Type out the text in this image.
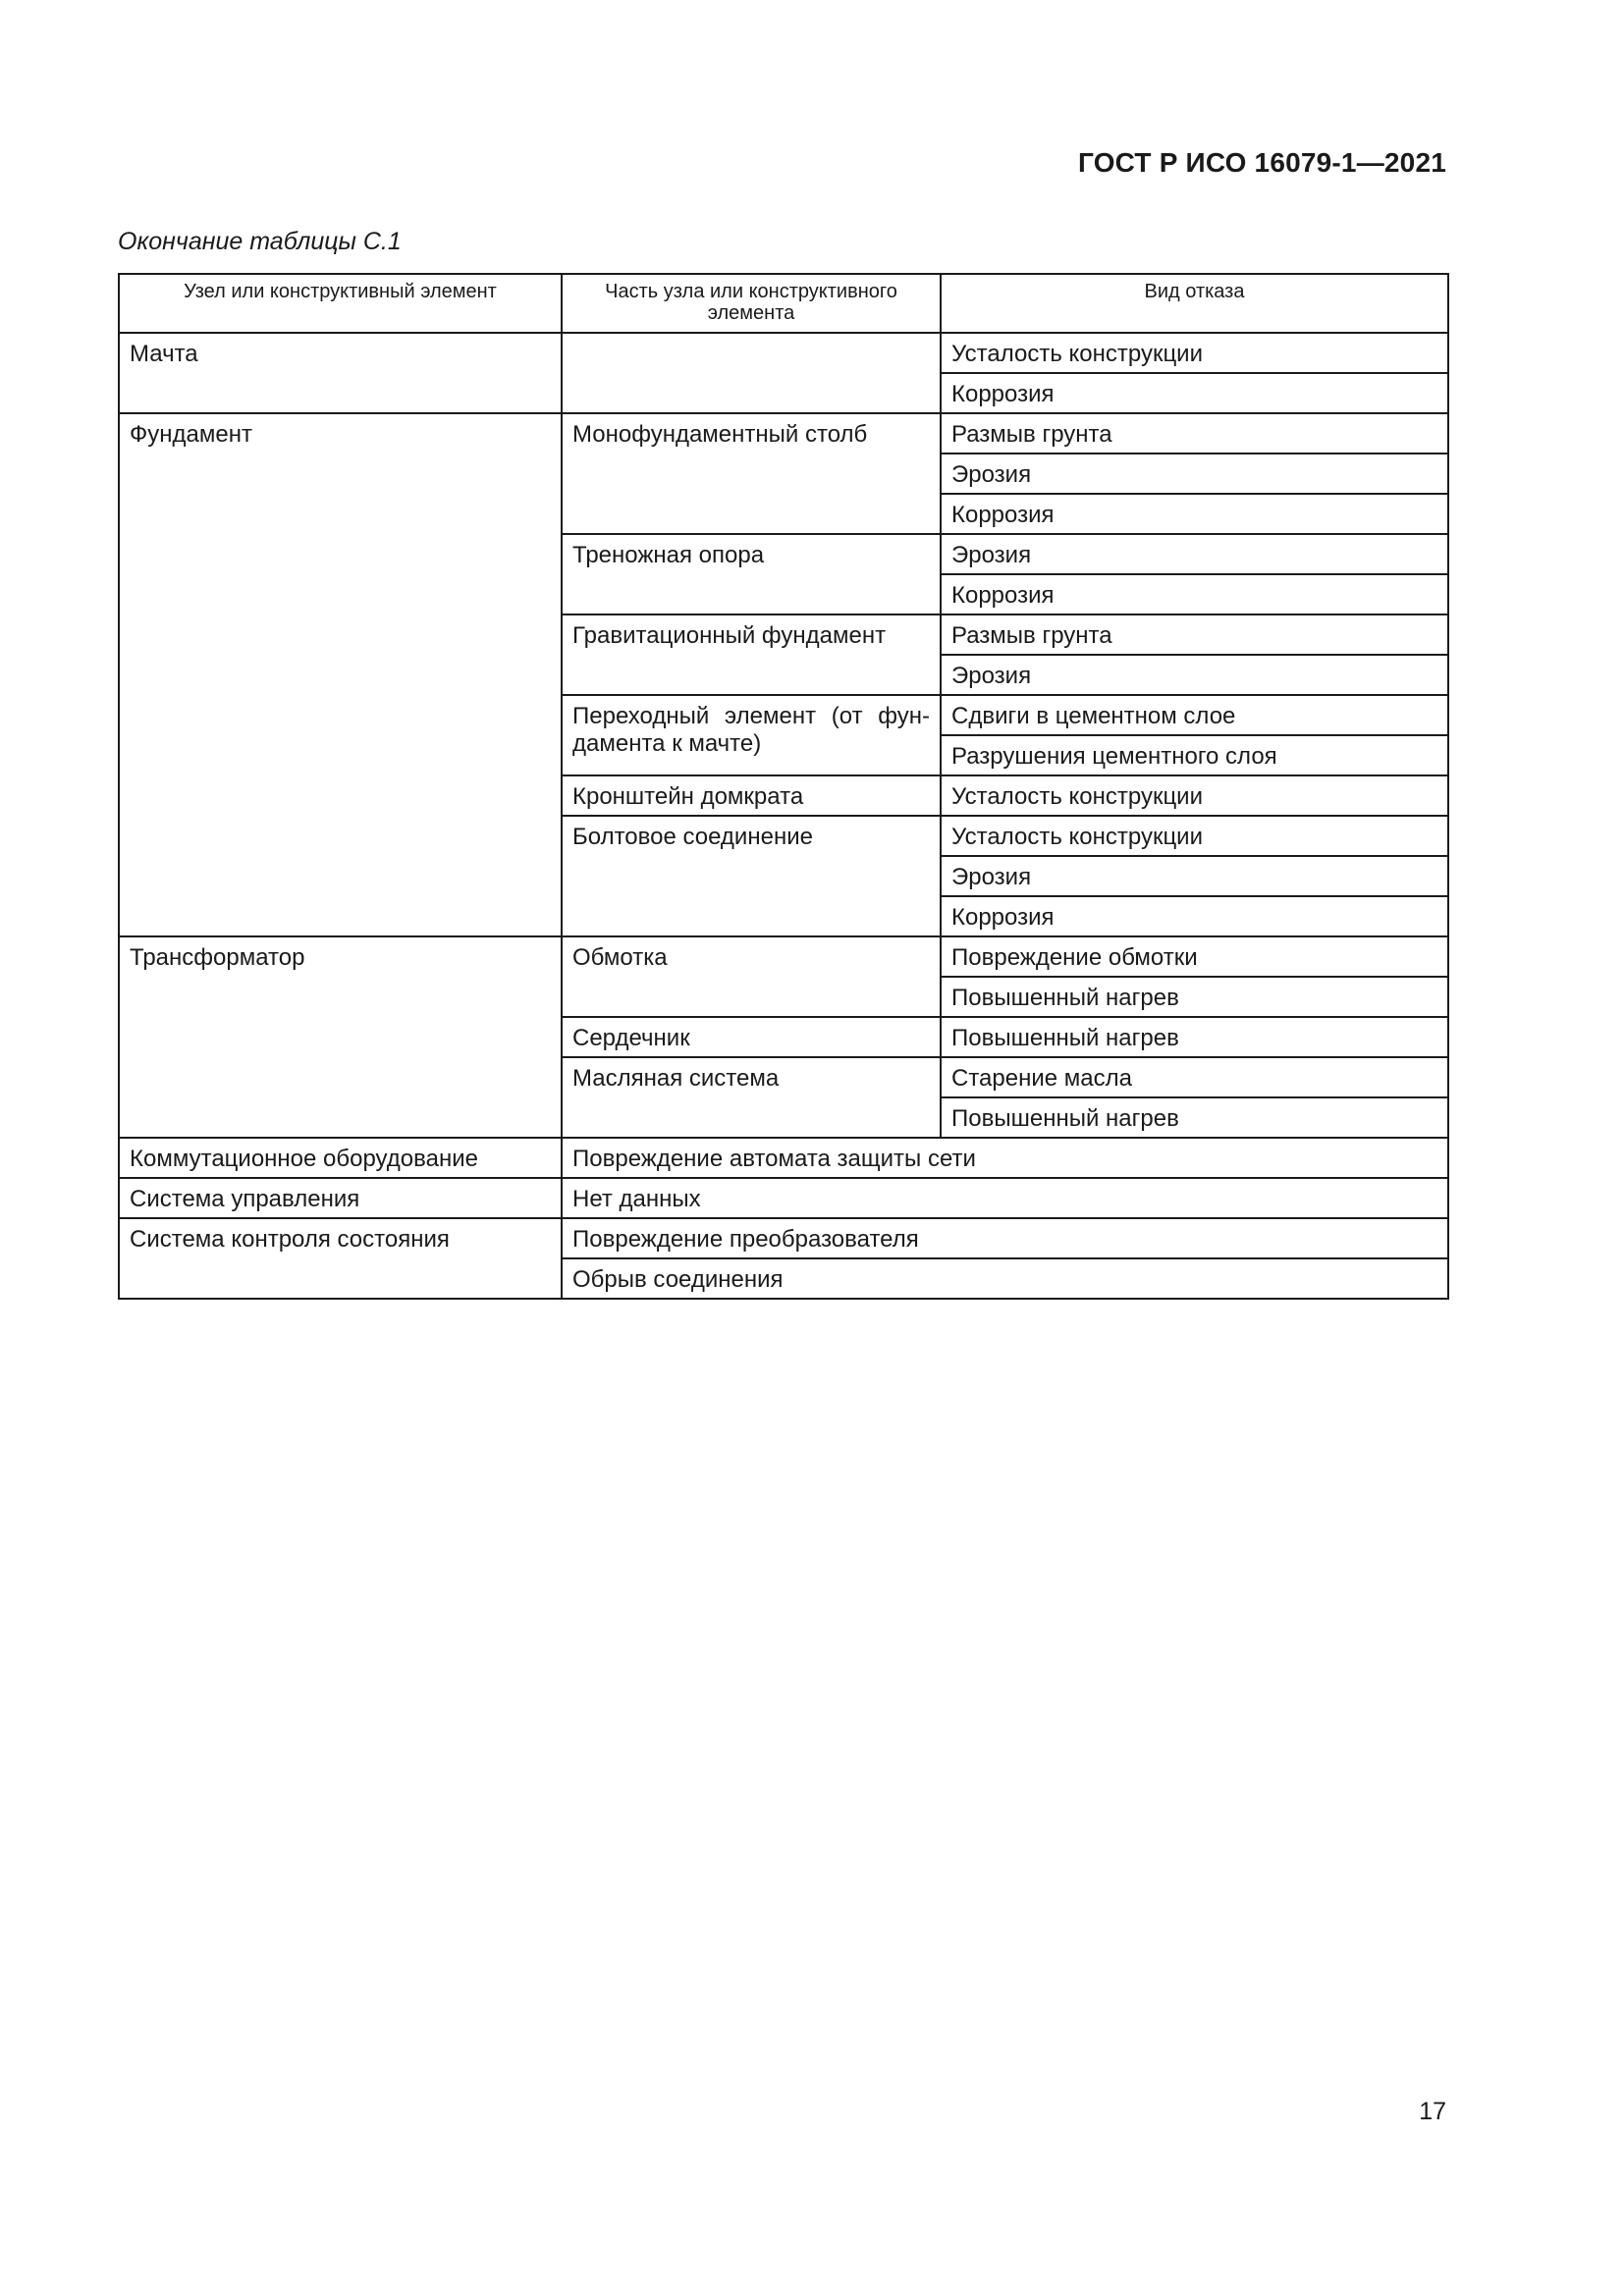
ГОСТ Р ИСО 16079-1—2021
Окончание таблицы С.1
Узел или конструктивный элемент	Часть узла или конструктивного элемента	Вид отказа
Мачта		Усталость конструкции
		Коррозия
Фундамент	Монофундаментный столб	Размыв грунта
		Эрозия
		Коррозия
	Треножная опора	Эрозия
		Коррозия
	Гравитационный фундамент	Размыв грунта
		Эрозия
	Переходный элемент (от фун-дамента к мачте)	Сдвиги в цементном слое
		Разрушения цементного слоя
	Кронштейн домкрата	Усталость конструкции
	Болтовое соединение	Усталость конструкции
		Эрозия
		Коррозия
Трансформатор	Обмотка	Повреждение обмотки
		Повышенный нагрев
	Сердечник	Повышенный нагрев
	Масляная система	Старение масла
		Повышенный нагрев
Коммутационное оборудование	Повреждение автомата защиты сети	
Система управления	Нет данных	
Система контроля состояния	Повреждение преобразователя	
	Обрыв соединения	
17
